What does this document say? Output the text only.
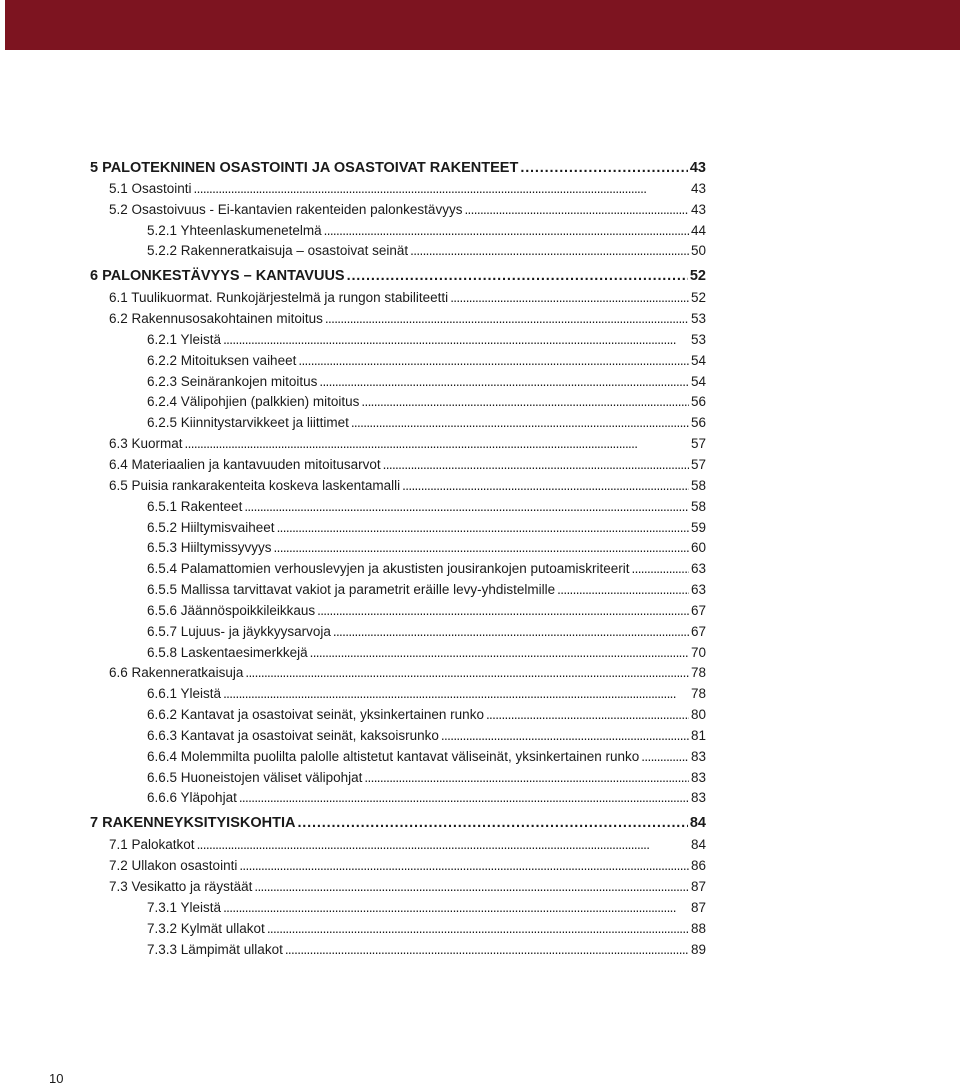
5 PALOTEKNINEN OSASTOINTI JA OSASTOIVAT RAKENTEET . . .	43
5.1 Osastointi . . .	43
5.2 Osastoivuus - Ei-kantavien rakenteiden palonkestävyys . . .	43
5.2.1 Yhteenlaskumenetelmä . . .	44
5.2.2 Rakenneratkaisuja – osastoivat seinät . . .	50
6 PALONKESTÄVYYS – KANTAVUUS . . .	52
6.1 Tuulikuormat. Runkojärjestelmä ja rungon stabiliteetti . . .	52
6.2 Rakennusosakohtainen mitoitus . . .	53
6.2.1 Yleistä . . .	53
6.2.2 Mitoituksen vaiheet . . .	54
6.2.3 Seinärankojen mitoitus . . .	54
6.2.4 Välipohjien (palkkien) mitoitus . . .	56
6.2.5 Kiinnitystarvikkeet ja liittimet . . .	56
6.3 Kuormat . . .	57
6.4 Materiaalien ja kantavuuden mitoitusarvot . . .	57
6.5 Puisia rankarakenteita koskeva laskentamalli . . .	58
6.5.1 Rakenteet . . .	58
6.5.2 Hiiltymisvaiheet . . .	59
6.5.3 Hiiltymissyvyys . . .	60
6.5.4 Palamattomien verhouslevyjen ja akustisten jousirankojen putoamiskriteerit . . .	63
6.5.5 Mallissa tarvittavat vakiot ja parametrit eräille levy-yhdistelmille . . .	63
6.5.6 Jäännöspoikkileikkaus . . .	67
6.5.7 Lujuus- ja jäykkyysarvoja . . .	67
6.5.8 Laskentaesimerkkejä . . .	70
6.6 Rakenneratkaisuja . . .	78
6.6.1 Yleistä . . .	78
6.6.2 Kantavat ja osastoivat seinät, yksinkertainen runko . . .	80
6.6.3 Kantavat ja osastoivat seinät, kaksoisrunko . . .	81
6.6.4 Molemmilta puolilta palolle altistetut kantavat väliseinät, yksinkertainen runko . . .	83
6.6.5 Huoneistojen väliset välipohjat . . .	83
6.6.6 Yläpohjat . . .	83
7 RAKENNEYKSITYISKOHTIA . . .	84
7.1 Palokatkot . . .	84
7.2 Ullakon osastointi . . .	86
7.3 Vesikatto ja räystäät . . .	87
7.3.1 Yleistä . . .	87
7.3.2 Kylmät ullakot . . .	88
7.3.3 Lämpimät ullakot . . .	89
10
